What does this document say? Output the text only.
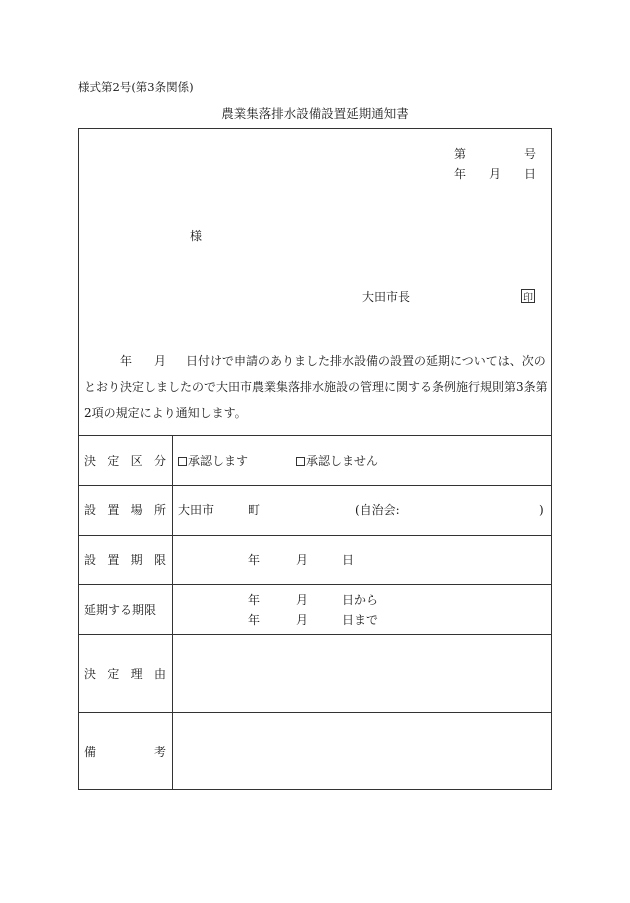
様式第2号(第3条関係)
農業集落排水設備設置延期通知書
第	号
年 月 日
様
大田市長	印
年 月 日付けで申請のありました排水設備の設置の延期については、次のとおり決定しましたので大田市農業集落排水施設の管理に関する条例施行規則第3条第2項の規定により通知します。
決 定 区 分	承認します	承認しません
設 置 場 所 大田市	町	(自治会:	)
設 置 期 限	年	月	日
延期する期限
年	月	日から
年	月	日まで
決 定 理 由
備	考
